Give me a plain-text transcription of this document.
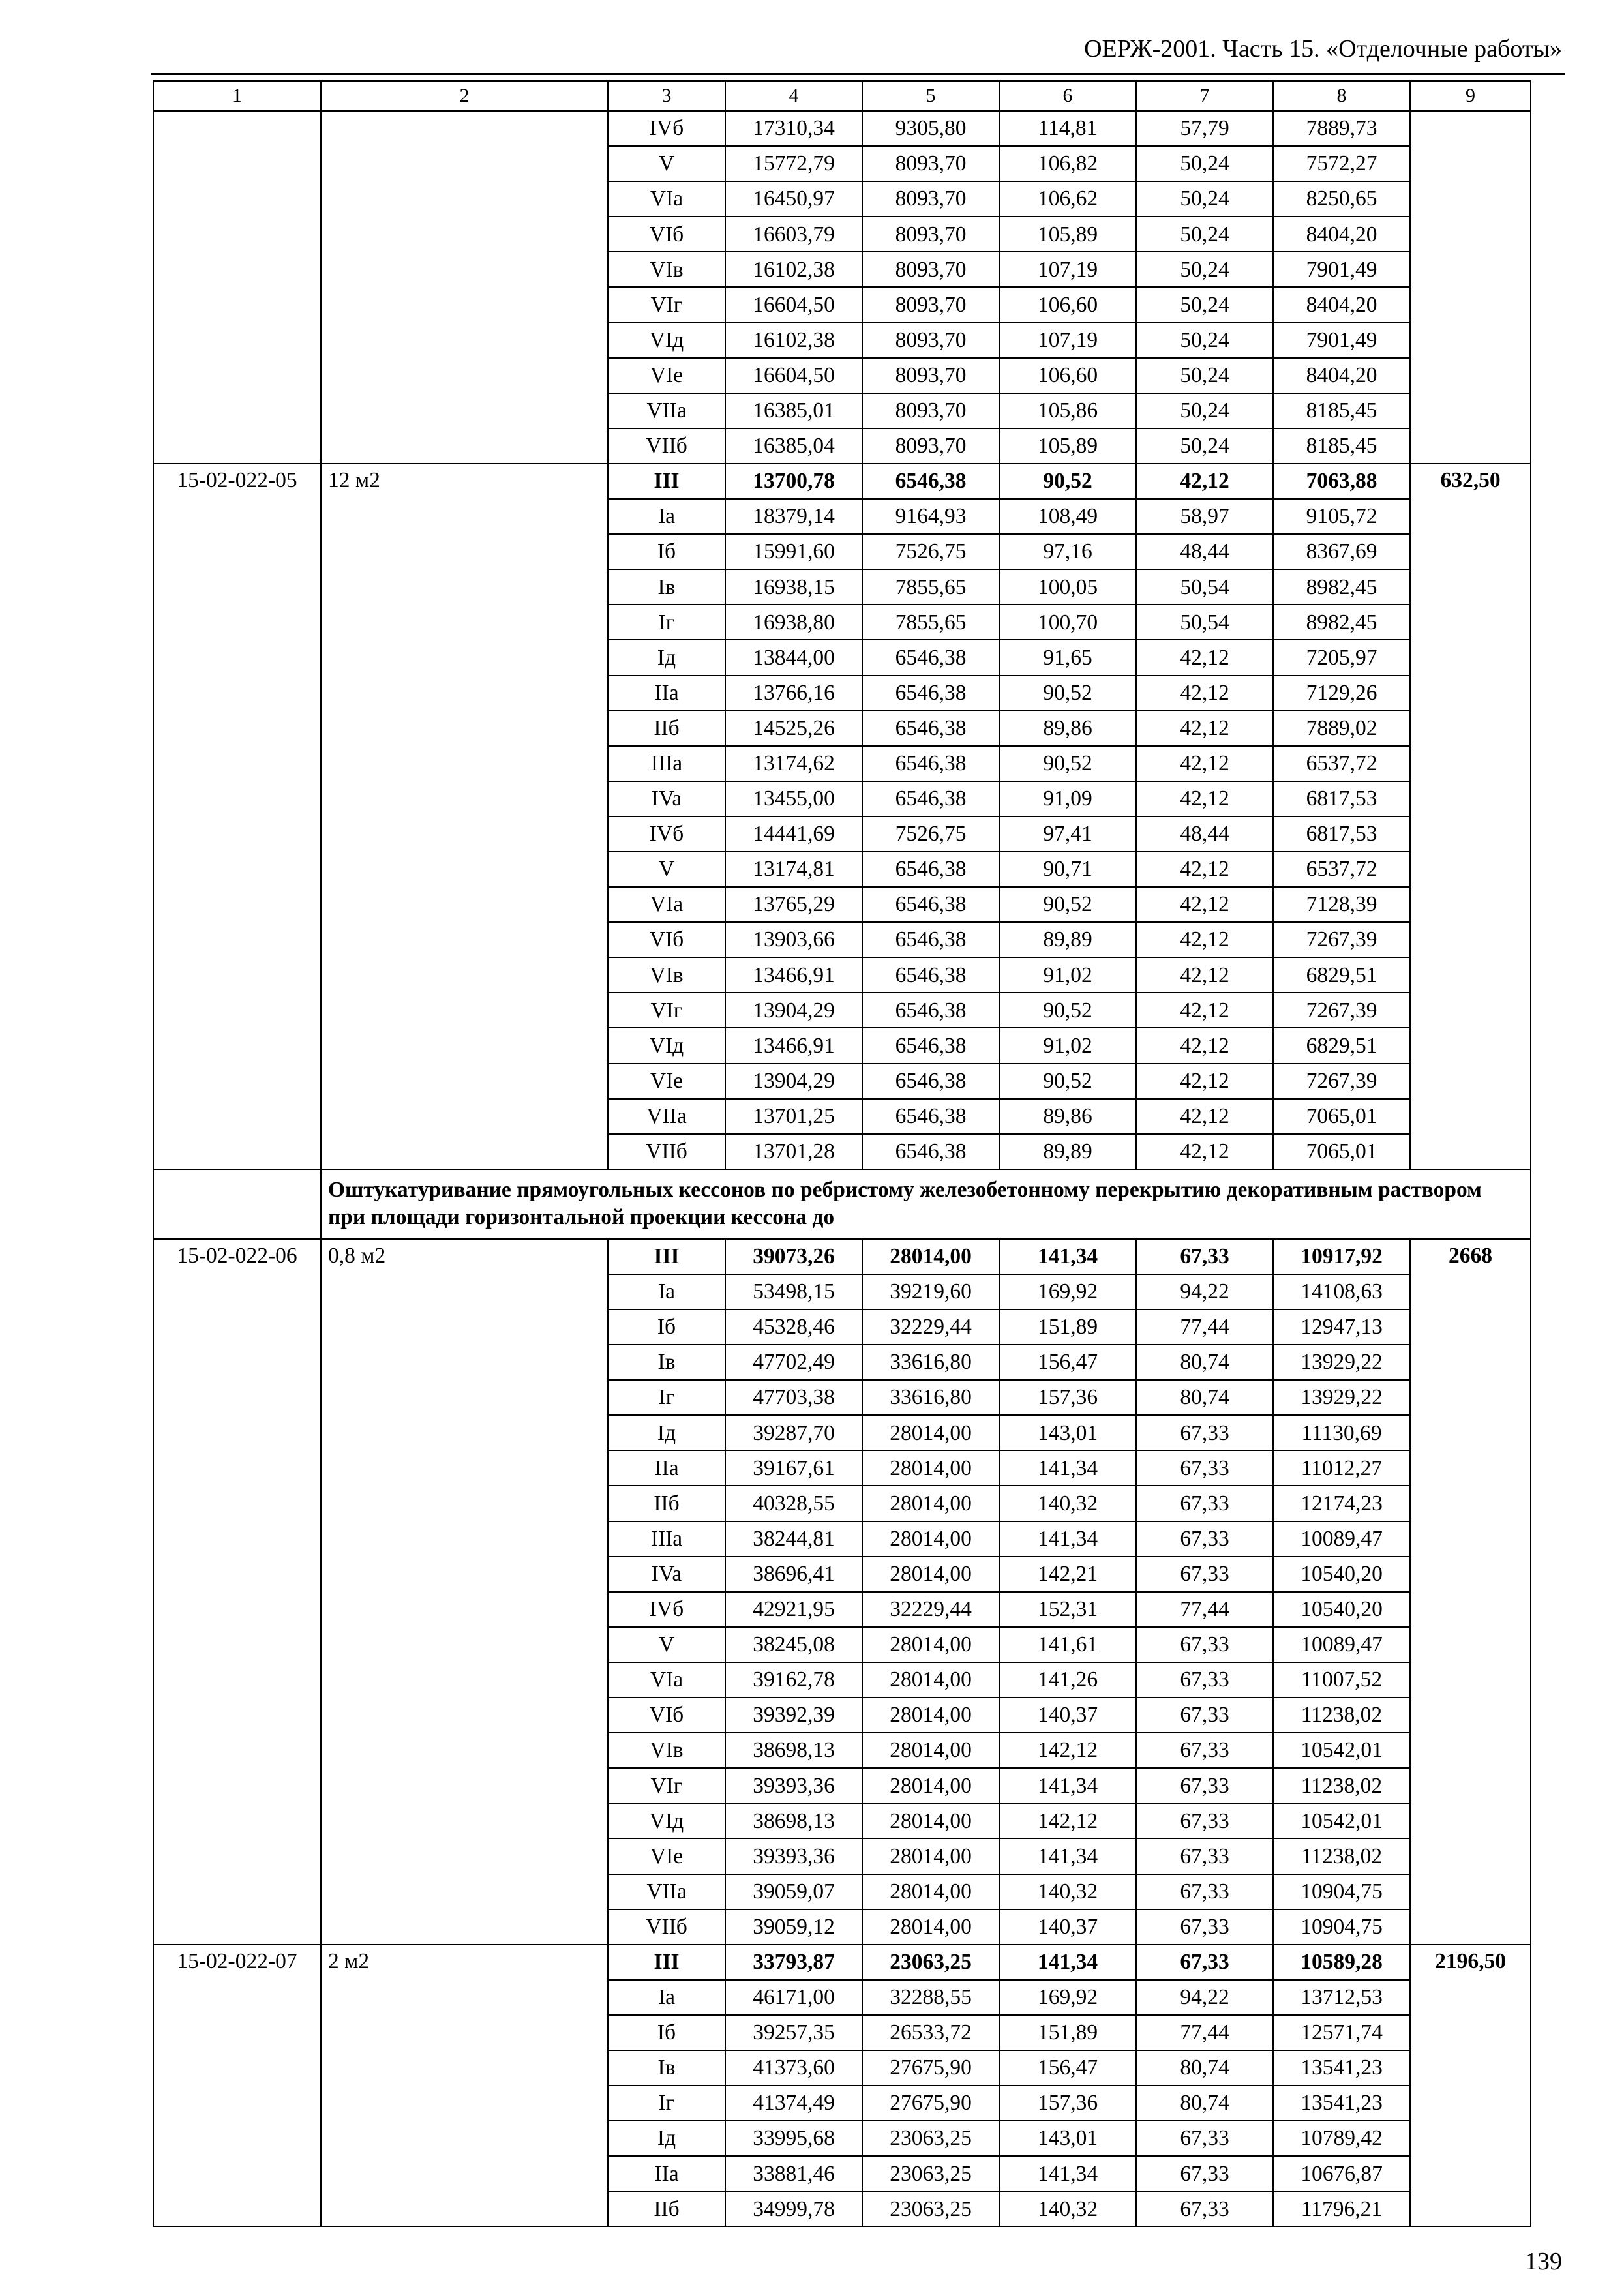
ОЕРЖ-2001. Часть 15. «Отделочные работы»
1	2	3	4	5	6	7	8	9
		IVб	17310,34	9305,80	114,81	57,79	7889,73	
		V	15772,79	8093,70	106,82	50,24	7572,27	
		VIa	16450,97	8093,70	106,62	50,24	8250,65	
		VIб	16603,79	8093,70	105,89	50,24	8404,20	
		VIв	16102,38	8093,70	107,19	50,24	7901,49	
		VIг	16604,50	8093,70	106,60	50,24	8404,20	
		VIд	16102,38	8093,70	107,19	50,24	7901,49	
		VIe	16604,50	8093,70	106,60	50,24	8404,20	
		VIIa	16385,01	8093,70	105,86	50,24	8185,45	
		VIIб	16385,04	8093,70	105,89	50,24	8185,45	
15-02-022-05	12 м2	III	13700,78	6546,38	90,52	42,12	7063,88	632,50
		Ia	18379,14	9164,93	108,49	58,97	9105,72	
		Iб	15991,60	7526,75	97,16	48,44	8367,69	
		Iв	16938,15	7855,65	100,05	50,54	8982,45	
		Iг	16938,80	7855,65	100,70	50,54	8982,45	
		Iд	13844,00	6546,38	91,65	42,12	7205,97	
		IIa	13766,16	6546,38	90,52	42,12	7129,26	
		IIб	14525,26	6546,38	89,86	42,12	7889,02	
		IIIa	13174,62	6546,38	90,52	42,12	6537,72	
		IVa	13455,00	6546,38	91,09	42,12	6817,53	
		IVб	14441,69	7526,75	97,41	48,44	6817,53	
		V	13174,81	6546,38	90,71	42,12	6537,72	
		VIa	13765,29	6546,38	90,52	42,12	7128,39	
		VIб	13903,66	6546,38	89,89	42,12	7267,39	
		VIв	13466,91	6546,38	91,02	42,12	6829,51	
		VIг	13904,29	6546,38	90,52	42,12	7267,39	
		VIд	13466,91	6546,38	91,02	42,12	6829,51	
		VIe	13904,29	6546,38	90,52	42,12	7267,39	
		VIIa	13701,25	6546,38	89,86	42,12	7065,01	
		VIIб	13701,28	6546,38	89,89	42,12	7065,01	
	Оштукатуривание прямоугольных кессонов по ребристому железобетонному перекрытию декоративным раствором при площади горизонтальной проекции кессона до							
15-02-022-06	0,8 м2	III	39073,26	28014,00	141,34	67,33	10917,92	2668
		Ia	53498,15	39219,60	169,92	94,22	14108,63	
		Iб	45328,46	32229,44	151,89	77,44	12947,13	
		Iв	47702,49	33616,80	156,47	80,74	13929,22	
		Iг	47703,38	33616,80	157,36	80,74	13929,22	
		Iд	39287,70	28014,00	143,01	67,33	11130,69	
		IIa	39167,61	28014,00	141,34	67,33	11012,27	
		IIб	40328,55	28014,00	140,32	67,33	12174,23	
		IIIa	38244,81	28014,00	141,34	67,33	10089,47	
		IVa	38696,41	28014,00	142,21	67,33	10540,20	
		IVб	42921,95	32229,44	152,31	77,44	10540,20	
		V	38245,08	28014,00	141,61	67,33	10089,47	
		VIa	39162,78	28014,00	141,26	67,33	11007,52	
		VIб	39392,39	28014,00	140,37	67,33	11238,02	
		VIв	38698,13	28014,00	142,12	67,33	10542,01	
		VIг	39393,36	28014,00	141,34	67,33	11238,02	
		VIд	38698,13	28014,00	142,12	67,33	10542,01	
		VIe	39393,36	28014,00	141,34	67,33	11238,02	
		VIIa	39059,07	28014,00	140,32	67,33	10904,75	
		VIIб	39059,12	28014,00	140,37	67,33	10904,75	
15-02-022-07	2 м2	III	33793,87	23063,25	141,34	67,33	10589,28	2196,50
		Ia	46171,00	32288,55	169,92	94,22	13712,53	
		Iб	39257,35	26533,72	151,89	77,44	12571,74	
		Iв	41373,60	27675,90	156,47	80,74	13541,23	
		Iг	41374,49	27675,90	157,36	80,74	13541,23	
		Iд	33995,68	23063,25	143,01	67,33	10789,42	
		IIa	33881,46	23063,25	141,34	67,33	10676,87	
		IIб	34999,78	23063,25	140,32	67,33	11796,21	
139
